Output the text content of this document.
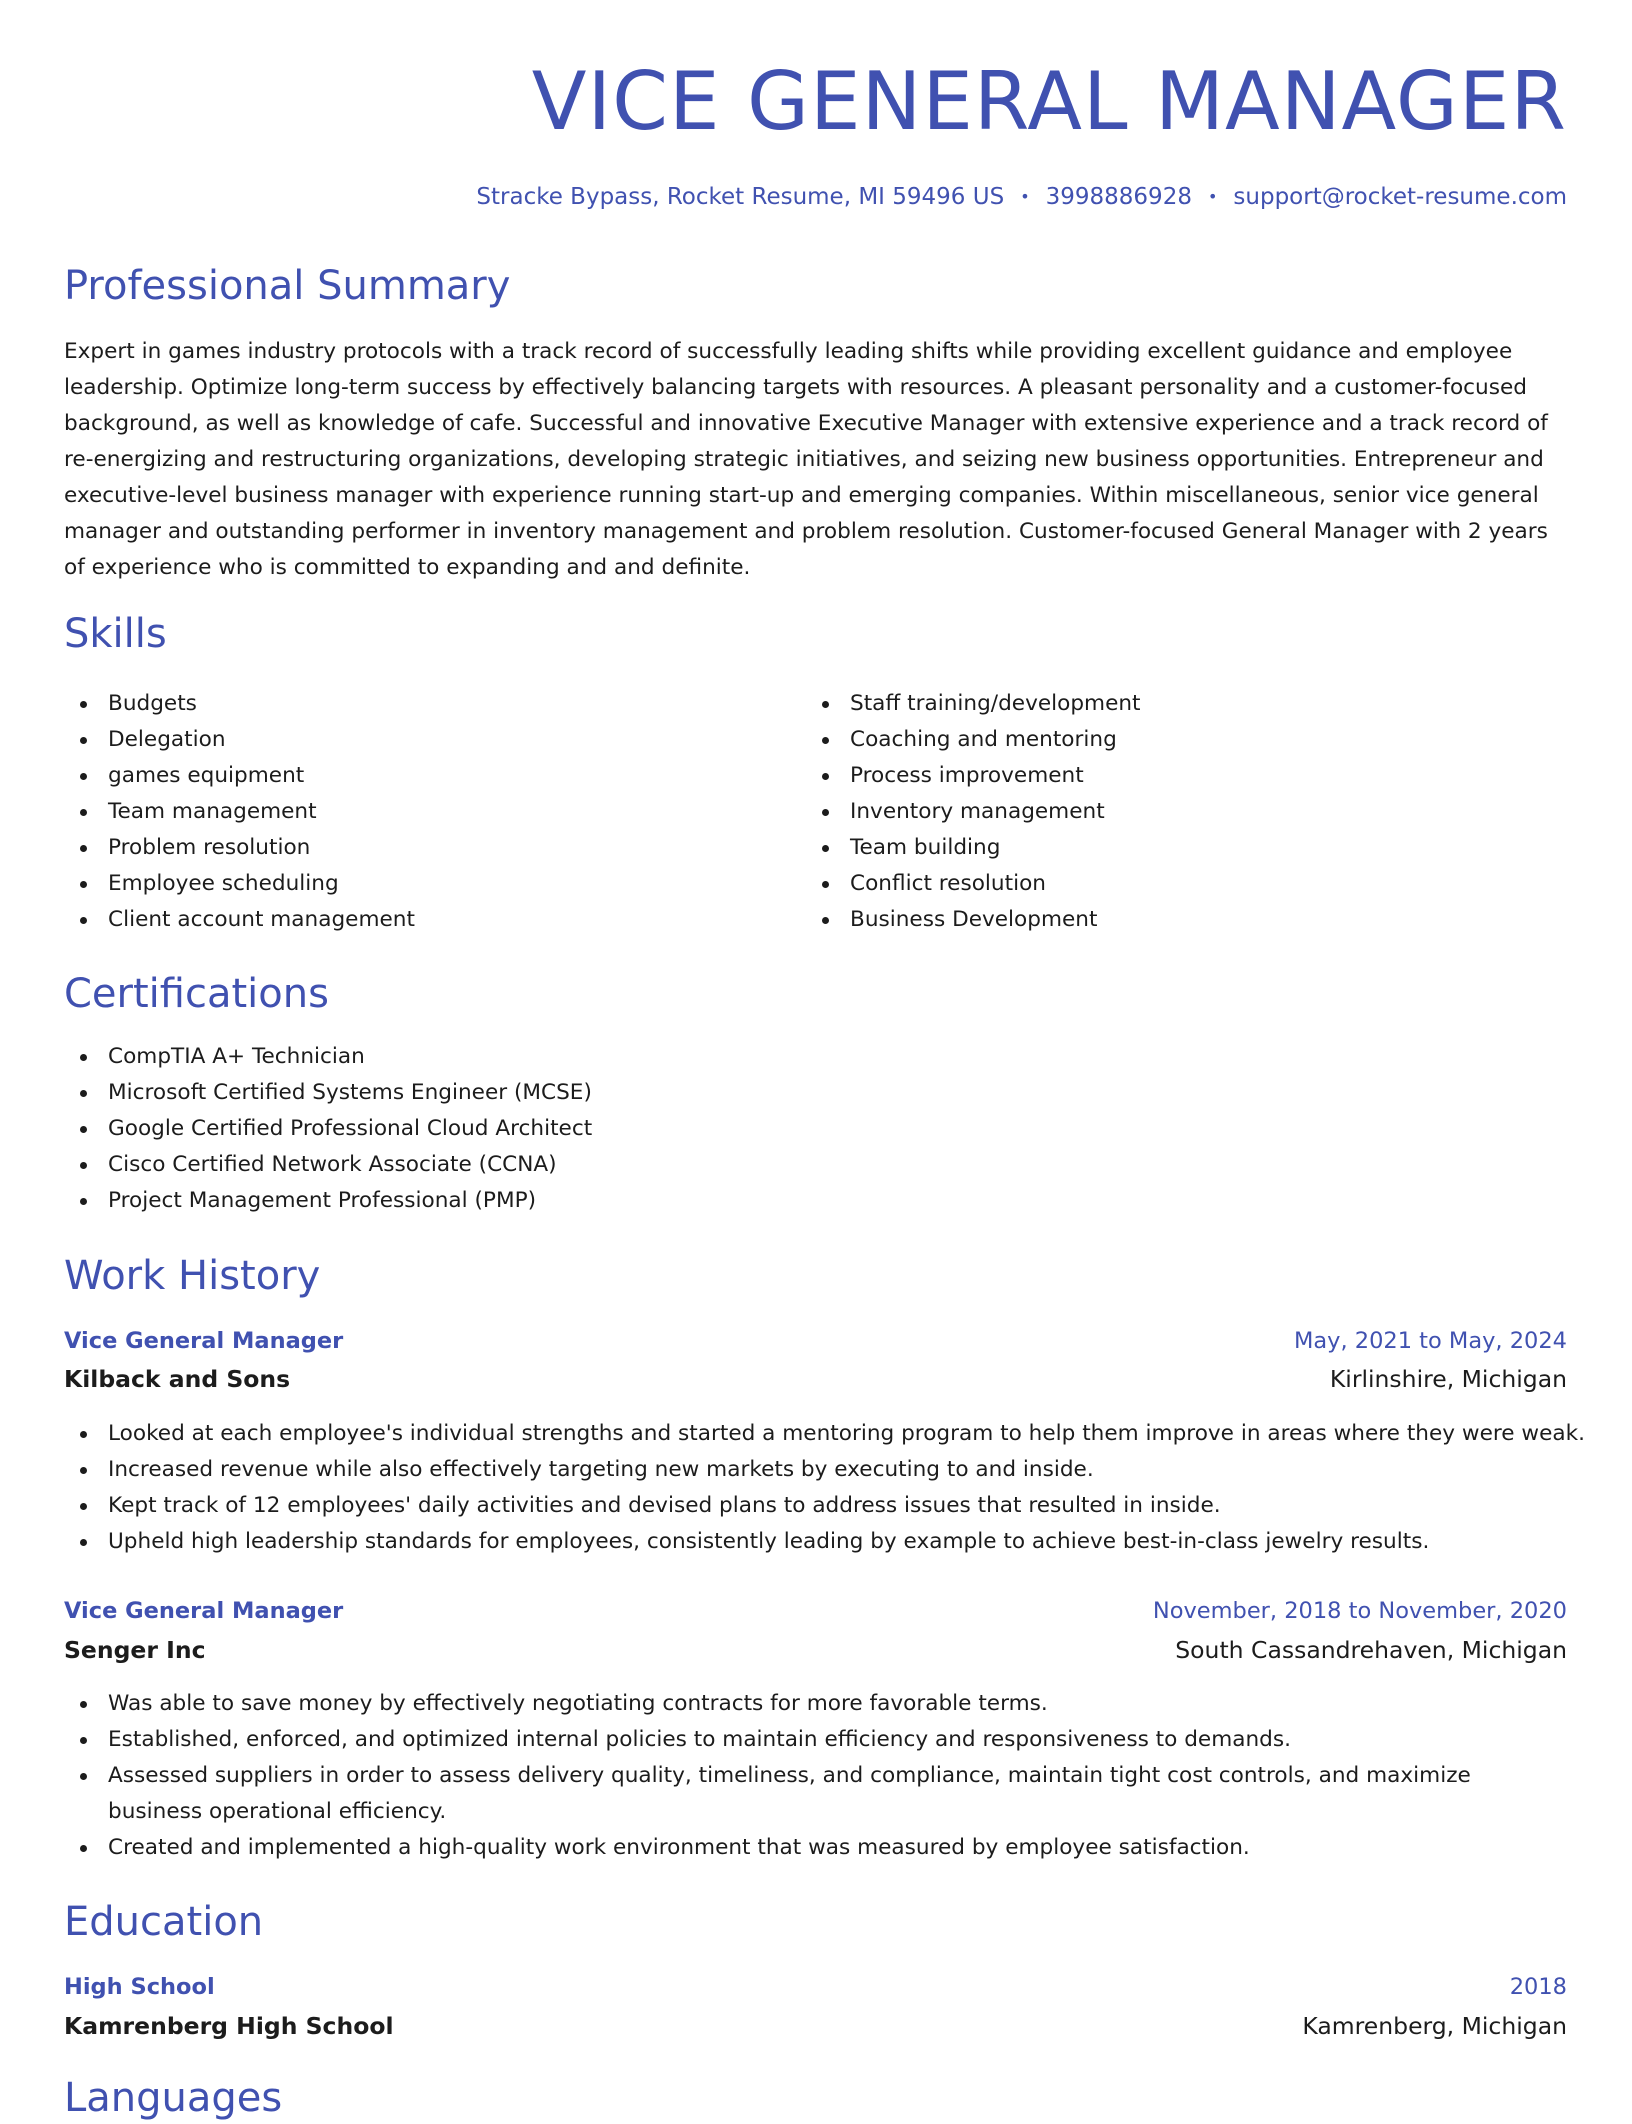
VICE GENERAL MANAGER
Stracke Bypass, Rocket Resume, MI 59496 US • 3998886928 • support@rocket-resume.com
Professional Summary

Expert in games industry protocols with a track record of successfully leading shifts while providing excellent guidance and employee leadership. Optimize long-term success by effectively balancing targets with resources. A pleasant personality and a customer-focused background, as well as knowledge of cafe. Successful and innovative Executive Manager with extensive experience and a track record of re-energizing and restructuring organizations, developing strategic initiatives, and seizing new business opportunities. Entrepreneur and executive-level business manager with experience running start-up and emerging companies. Within miscellaneous, senior vice general manager and outstanding performer in inventory management and problem resolution. Customer-focused General Manager with 2 years of experience who is committed to expanding and and definite.

Skills
Budgets
Delegation
games equipment
Team management
Problem resolution
Employee scheduling
Client account management
Staff training/development
Coaching and mentoring
Process improvement
Inventory management
Team building
Conflict resolution
Business Development
Certifications
CompTIA A+ Technician
Microsoft Certified Systems Engineer (MCSE)
Google Certified Professional Cloud Architect
Cisco Certified Network Associate (CCNA)
Project Management Professional (PMP)
Work History
Vice General Manager	May, 2021 to May, 2024
Kilback and Sons	Kirlinshire, Michigan
Looked at each employee's individual strengths and started a mentoring program to help them improve in areas where they were weak.
Increased revenue while also effectively targeting new markets by executing to and inside.
Kept track of 12 employees' daily activities and devised plans to address issues that resulted in inside.
Upheld high leadership standards for employees, consistently leading by example to achieve best-in-class jewelry results.
Vice General Manager	November, 2018 to November, 2020
Senger Inc	South Cassandrehaven, Michigan
Was able to save money by effectively negotiating contracts for more favorable terms.
Established, enforced, and optimized internal policies to maintain efficiency and responsiveness to demands.
Assessed suppliers in order to assess delivery quality, timeliness, and compliance, maintain tight cost controls, and maximize business operational efficiency.
Created and implemented a high-quality work environment that was measured by employee satisfaction.
Education
High School	2018
Kamrenberg High School	Kamrenberg, Michigan
Languages
